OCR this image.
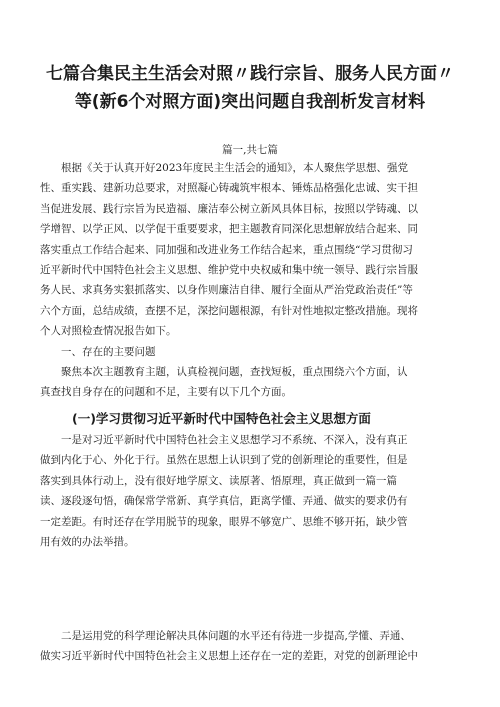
七篇合集民主生活会对照〃践行宗旨、服务人民方面〃
等(新6个对照方面)突出问题自我剖析发言材料
篇一,共七篇
根据《关于认真开好2023年度民主生活会的通知》，本人聚焦学思想、强党
性、重实践、建新功总要求，对照凝心铸魂筑牢根本、锤炼品格强化忠诚、实干担
当促进发展、践行宗旨为民造福、廉洁奉公树立新风具体目标，按照以学铸魂、以
学增智、以学正风、以学促干重要要求，把主题教育同深化思想解放结合起来、同
落实重点工作结合起来、同加强和改进业务工作结合起来，重点围绕“学习贯彻习
近平新时代中国特色社会主义思想、维护党中央权威和集中统一领导、践行宗旨服
务人民、求真务实狠抓落实、以身作则廉洁自律、履行全面从严治党政治责任”等
六个方面，总结成绩，查摆不足，深挖问题根源，有针对性地拟定整改措施。现将
个人对照检查情况报告如下。
一、存在的主要问题
聚焦本次主题教育主题，认真检视问题，查找短板，重点围绕六个方面，认
真查找自身存在的问题和不足，主要有以下几个方面。
(一)学习贯彻习近平新时代中国特色社会主义思想方面
一是对习近平新时代中国特色社会主义思想学习不系统、不深入，没有真正
做到内化于心、外化于行。虽然在思想上认识到了党的创新理论的重要性，但是
落实到具体行动上，没有很好地学原文、读原著、悟原理，真正做到一篇一篇
读、逐段逐句悟，确保常学常新、真学真信，距离学懂、弄通、做实的要求仍有
一定差距。有时还存在学用脱节的现象，眼界不够宽广、思维不够开拓，缺少管
用有效的办法举措。
二是运用党的科学理论解决具体问题的水平还有待进一步提高,学懂、弄通、
做实习近平新时代中国特色社会主义思想上还存在一定的差距，对党的创新理论中
